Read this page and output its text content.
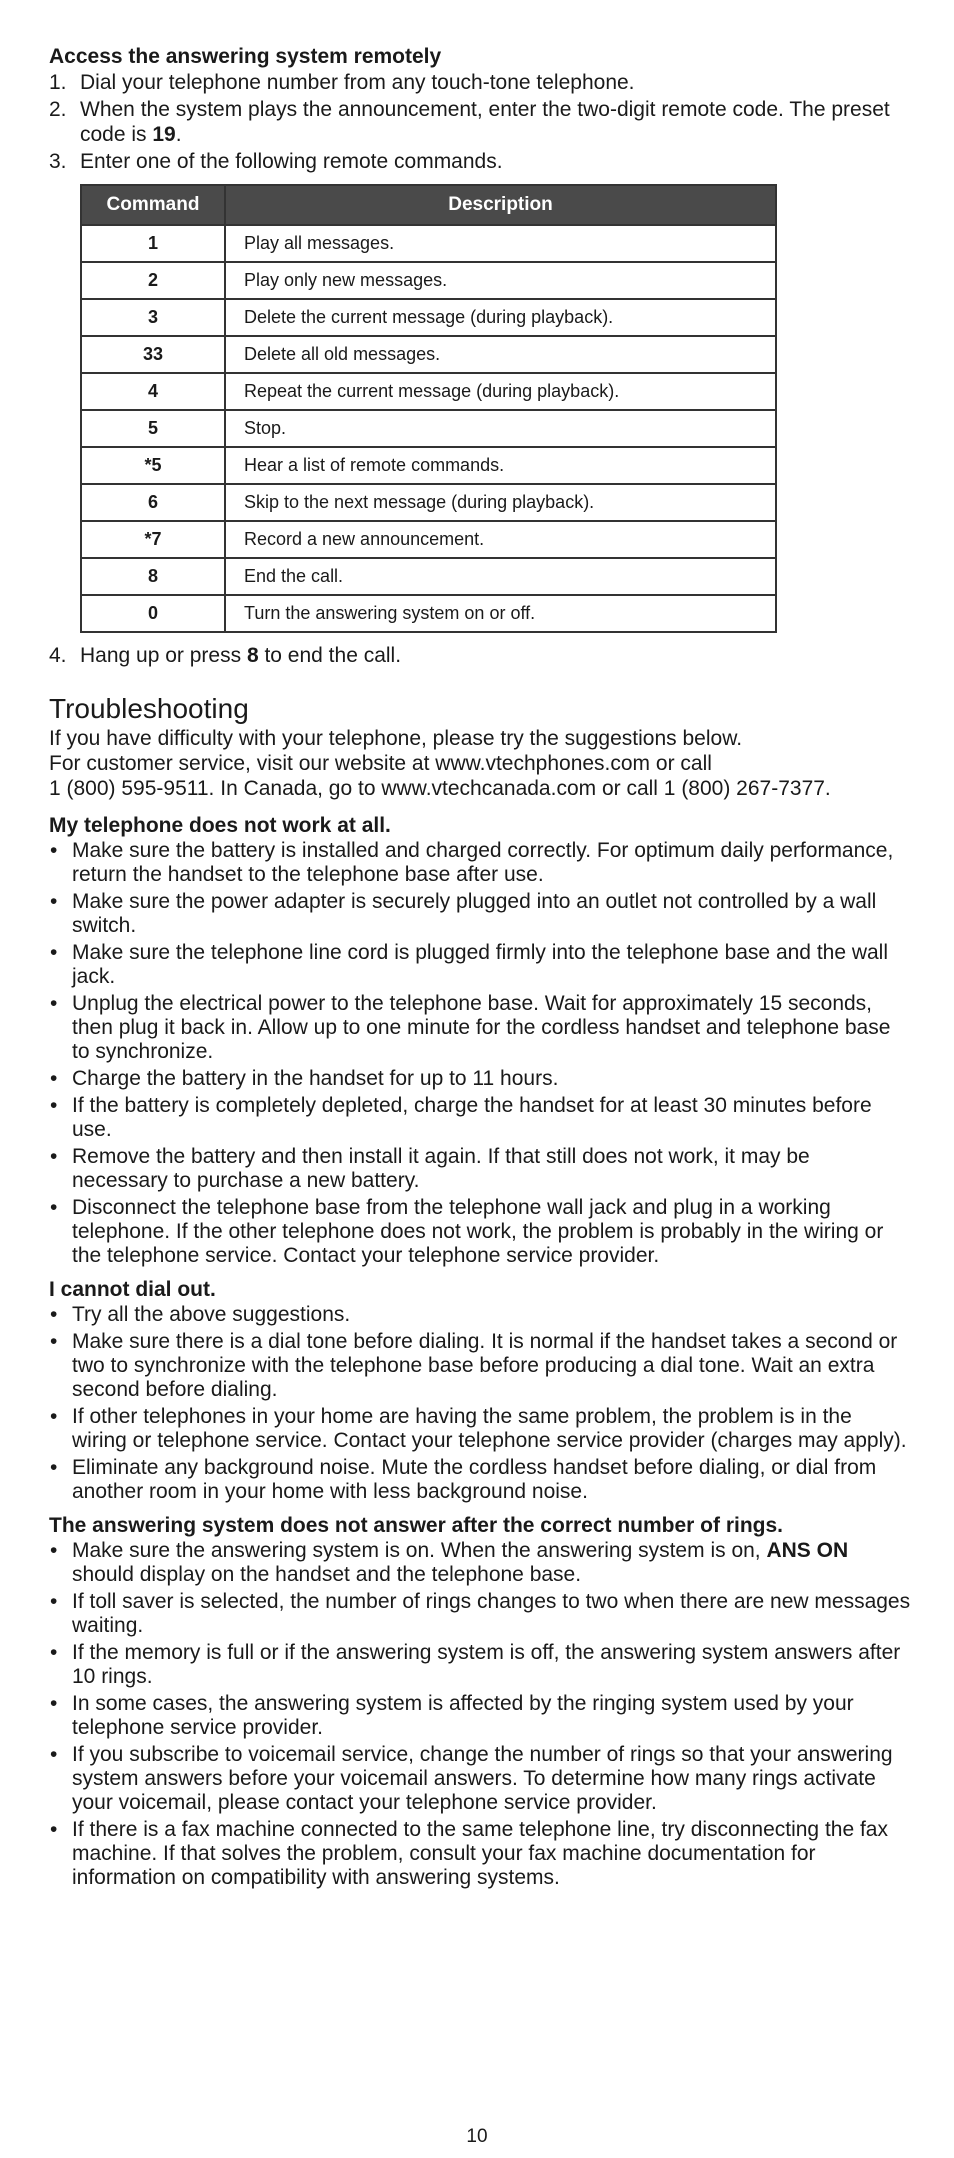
Access the answering system remotely

1. Dial your telephone number from any touch-tone telephone.
2. When the system plays the announcement, enter the two-digit remote code. The preset code is 19.
3. Enter one of the following remote commands.
Command	Description
1	Play all messages.
2	Play only new messages.
3	Delete the current message (during playback).
33	Delete all old messages.
4	Repeat the current message (during playback).
5	Stop.
*5	Hear a list of remote commands.
6	Skip to the next message (during playback).
*7	Record a new announcement.
8	End the call.
0	Turn the answering system on or off.
4. Hang up or press 8 to end the call.

Troubleshooting

If you have difficulty with your telephone, please try the suggestions below.

For customer service, visit our website at www.vtechphones.com or call

1 (800) 595-9511. In Canada, go to www.vtechcanada.com or call 1 (800) 267-7377.

My telephone does not work at all.

• Make sure the battery is installed and charged correctly. For optimum daily performance, return the handset to the telephone base after use.
• Make sure the power adapter is securely plugged into an outlet not controlled by a wall switch.
• Make sure the telephone line cord is plugged firmly into the telephone base and the wall jack.
• Unplug the electrical power to the telephone base. Wait for approximately 15 seconds, then plug it back in. Allow up to one minute for the cordless handset and telephone base to synchronize.
• Charge the battery in the handset for up to 11 hours.
• If the battery is completely depleted, charge the handset for at least 30 minutes before use.
• Remove the battery and then install it again. If that still does not work, it may be necessary to purchase a new battery.
• Disconnect the telephone base from the telephone wall jack and plug in a working telephone. If the other telephone does not work, the problem is probably in the wiring or the telephone service. Contact your telephone service provider.

I cannot dial out.

• Try all the above suggestions.
• Make sure there is a dial tone before dialing. It is normal if the handset takes a second or two to synchronize with the telephone base before producing a dial tone. Wait an extra second before dialing.
• If other telephones in your home are having the same problem, the problem is in the wiring or telephone service. Contact your telephone service provider (charges may apply).
• Eliminate any background noise. Mute the cordless handset before dialing, or dial from another room in your home with less background noise.

The answering system does not answer after the correct number of rings.

• Make sure the answering system is on. When the answering system is on, ANS ON should display on the handset and the telephone base.
• If toll saver is selected, the number of rings changes to two when there are new messages waiting.
• If the memory is full or if the answering system is off, the answering system answers after 10 rings.
• In some cases, the answering system is affected by the ringing system used by your telephone service provider.
• If you subscribe to voicemail service, change the number of rings so that your answering system answers before your voicemail answers. To determine how many rings activate your voicemail, please contact your telephone service provider.
• If there is a fax machine connected to the same telephone line, try disconnecting the fax machine. If that solves the problem, consult your fax machine documentation for information on compatibility with answering systems.
10
